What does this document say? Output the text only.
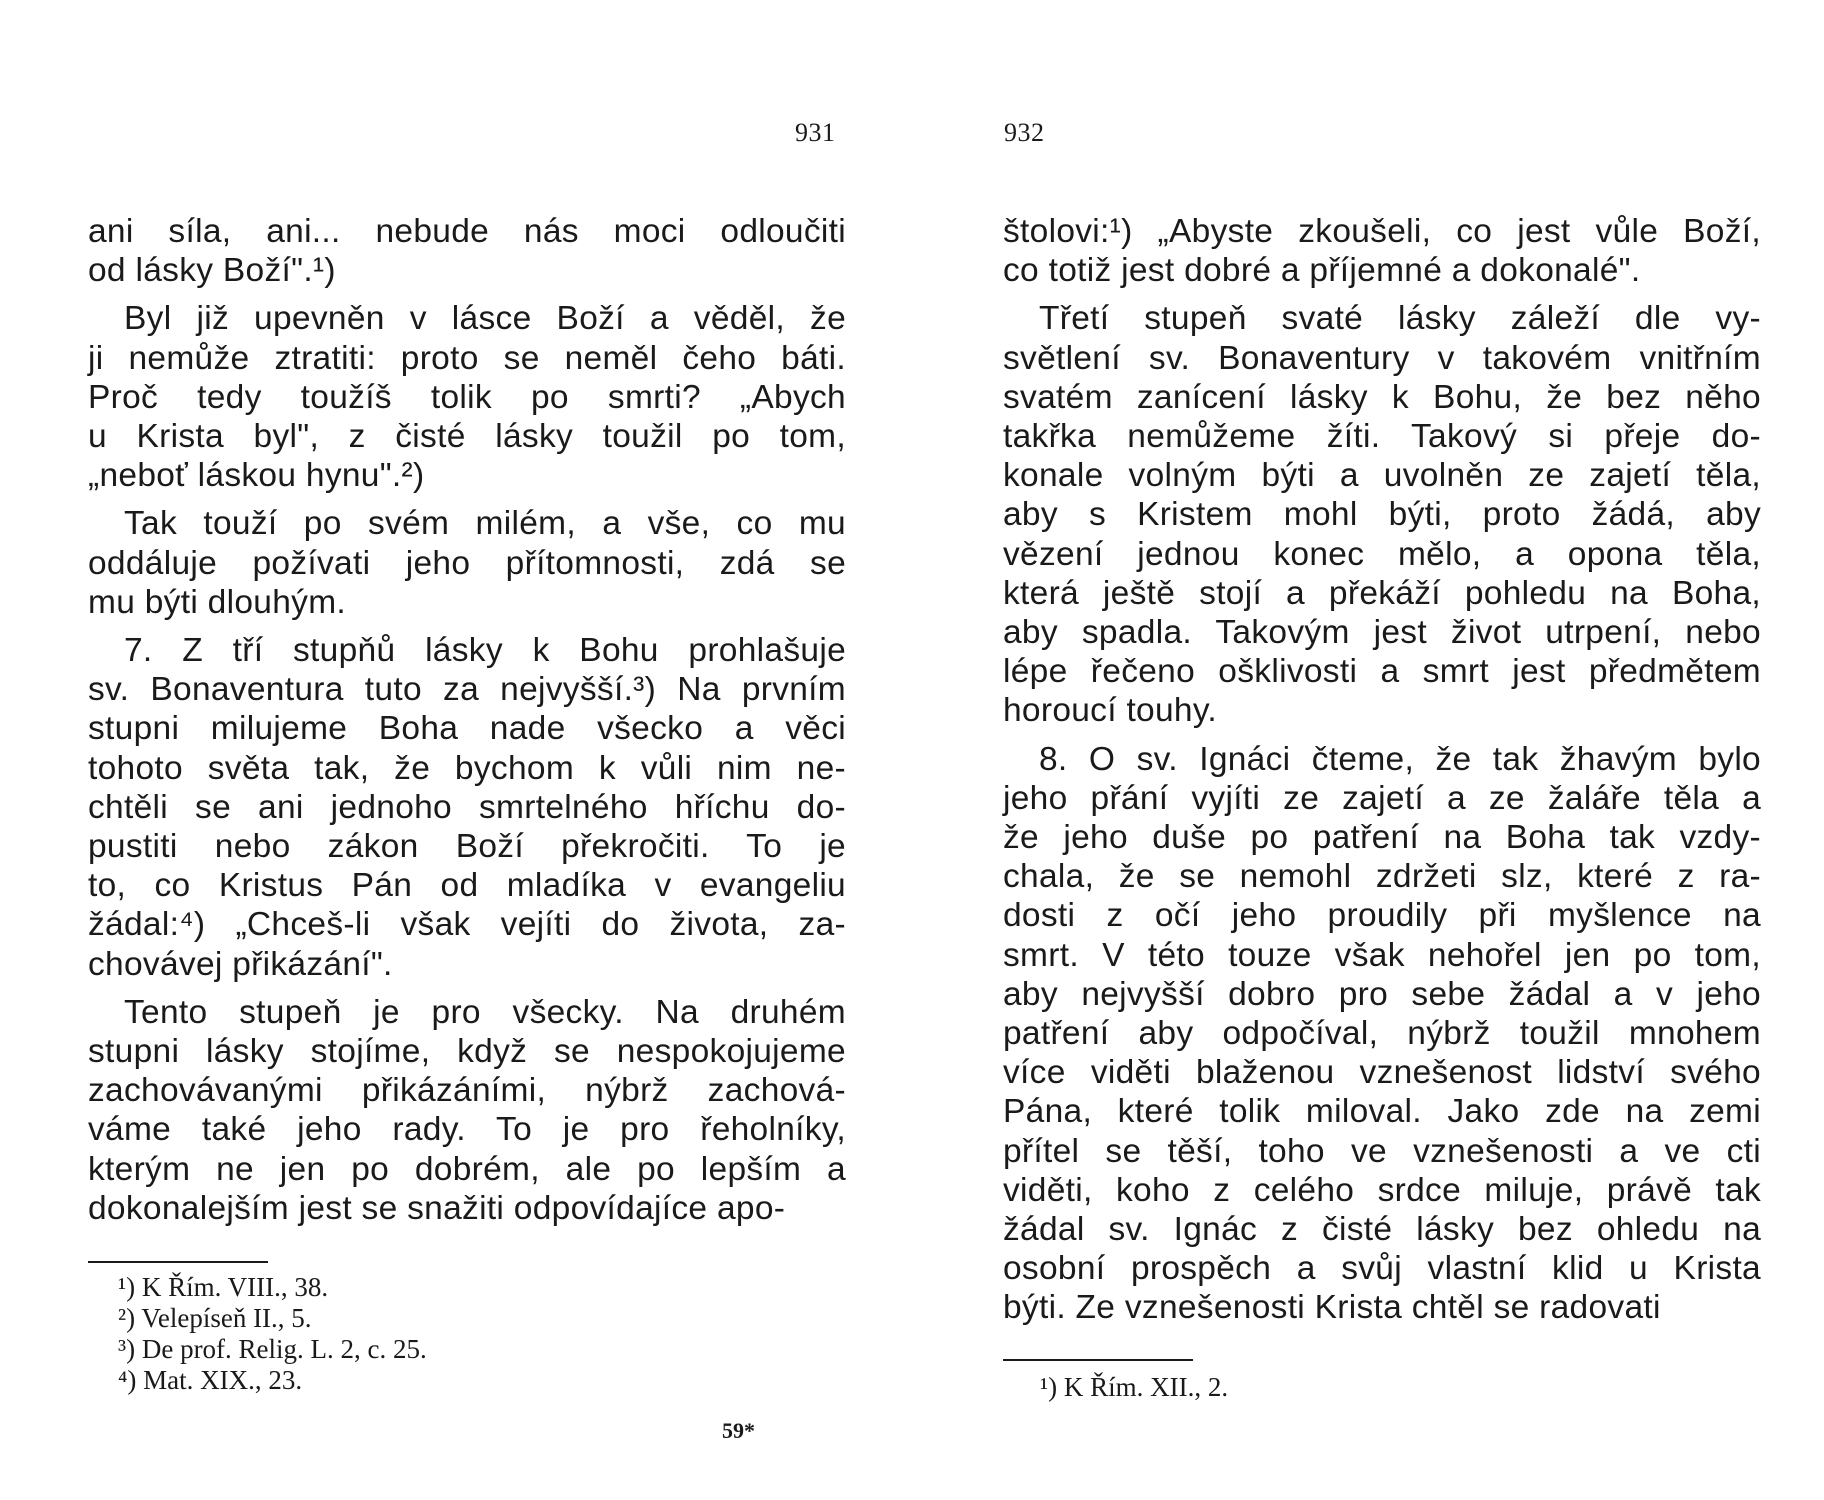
931	932
ani síla, ani... nebude nás moci odloučiti
od lásky Boží".¹)
Byl již upevněn v lásce Boží a věděl, že
ji nemůže ztratiti: proto se neměl čeho báti.
Proč tedy toužíš tolik po smrti? „Abych
u Krista byl", z čisté lásky toužil po tom,
„neboť láskou hynu".²)
Tak touží po svém milém, a vše, co mu
oddáluje požívati jeho přítomnosti, zdá se
mu býti dlouhým.
7. Z tří stupňů lásky k Bohu prohlašuje
sv. Bonaventura tuto za nejvyšší.³) Na prvním
stupni milujeme Boha nade všecko a věci
tohoto světa tak, že bychom k vůli nim ne-
chtěli se ani jednoho smrtelného hříchu do-
pustiti nebo zákon Boží překročiti. To je
to, co Kristus Pán od mladíka v evangeliu
žádal:⁴) „Chceš-li však vejíti do života, za-
chovávej přikázání".
Tento stupeň je pro všecky. Na druhém
stupni lásky stojíme, když se nespokojujeme
zachovávanými přikázáními, nýbrž zachová-
váme také jeho rady. To je pro řeholníky,
kterým ne jen po dobrém, ale po lepším a
dokonalejším jest se snažiti odpovídajíce apo-
štolovi:¹) „Abyste zkoušeli, co jest vůle Boží,
co totiž jest dobré a příjemné a dokonalé".
Třetí stupeň svaté lásky záleží dle vy-
světlení sv. Bonaventury v takovém vnitřním
svatém zanícení lásky k Bohu, že bez něho
takřka nemůžeme žíti. Takový si přeje do-
konale volným býti a uvolněn ze zajetí těla,
aby s Kristem mohl býti, proto žádá, aby
vězení jednou konec mělo, a opona těla,
která ještě stojí a překáží pohledu na Boha,
aby spadla. Takovým jest život utrpení, nebo
lépe řečeno ošklivosti a smrt jest předmětem
horoucí touhy.
8. O sv. Ignáci čteme, že tak žhavým bylo
jeho přání vyjíti ze zajetí a ze žaláře těla a
že jeho duše po patření na Boha tak vzdy-
chala, že se nemohl zdržeti slz, které z ra-
dosti z očí jeho proudily při myšlence na
smrt. V této touze však nehořel jen po tom,
aby nejvyšší dobro pro sebe žádal a v jeho
patření aby odpočíval, nýbrž toužil mnohem
více viděti blaženou vznešenost lidství svého
Pána, které tolik miloval. Jako zde na zemi
přítel se těší, toho ve vznešenosti a ve cti
viděti, koho z celého srdce miluje, právě tak
žádal sv. Ignác z čisté lásky bez ohledu na
osobní prospěch a svůj vlastní klid u Krista
býti. Ze vznešenosti Krista chtěl se radovati
¹) K Řím. VIII., 38.
²) Velepíseň II., 5.
³) De prof. Relig. L. 2, c. 25.
⁴) Mat. XIX., 23.	¹) K Řím. XII., 2.
59*
